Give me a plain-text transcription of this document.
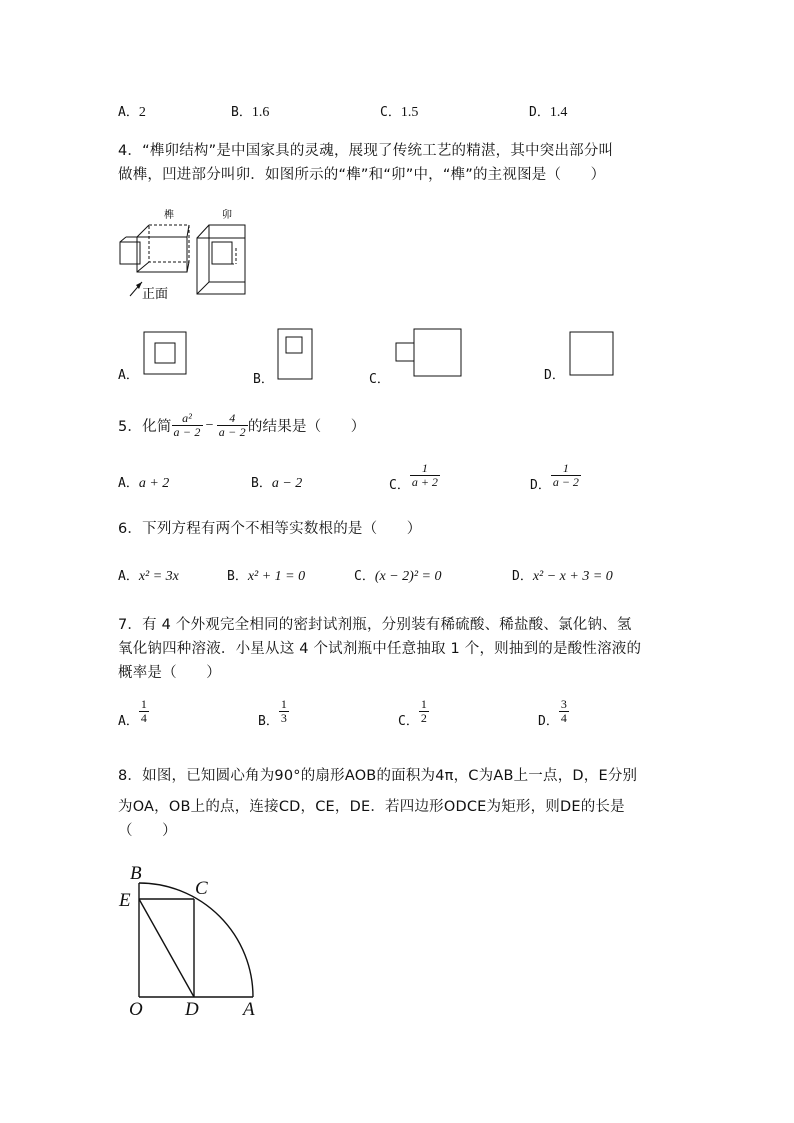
A．2	B．1.6	C．1.5	D．1.4
4．“榫卯结构”是中国家具的灵魂，展现了传统工艺的精湛，其中突出部分叫
做榫，凹进部分叫卯．如图所示的“榫”和“卯”中，“榫”的主视图是（　　）
榫	卯
正面
A．	B．	C．	D．
5．化简 $\frac{\text{a²}}{a - 2} - \frac{4}{a - 2}$ 的结果是（　　）
A．a + 2	B．a − 2	C． $\frac{1}{a + 2}$	D． $\frac{1}{a - 2}$
6．下列方程有两个不相等实数根的是（　　）
A．x² = 3x	B．x² + 1 = 0	C．(x − 2)² = 0	D．x² − x + 3 = 0
7．有 4 个外观完全相同的密封试剂瓶，分别装有稀硫酸、稀盐酸、氯化钠、氢
氧化钠四种溶液．小星从这 4 个试剂瓶中任意抽取 1 个，则抽到的是酸性溶液的
概率是（　　）
A． $\frac{1}{4}$	B． $\frac{1}{3}$	C． $\frac{1}{2}$	D． $\frac{3}{4}$
8．如图，已知圆心角为90°的扇形AOB的面积为4π，C为AB上一点，D，E分别
为OA，OB上的点，连接CD，CE，DE．若四边形ODCE为矩形，则DE的长是
（　　）
B
C
E
O D A
